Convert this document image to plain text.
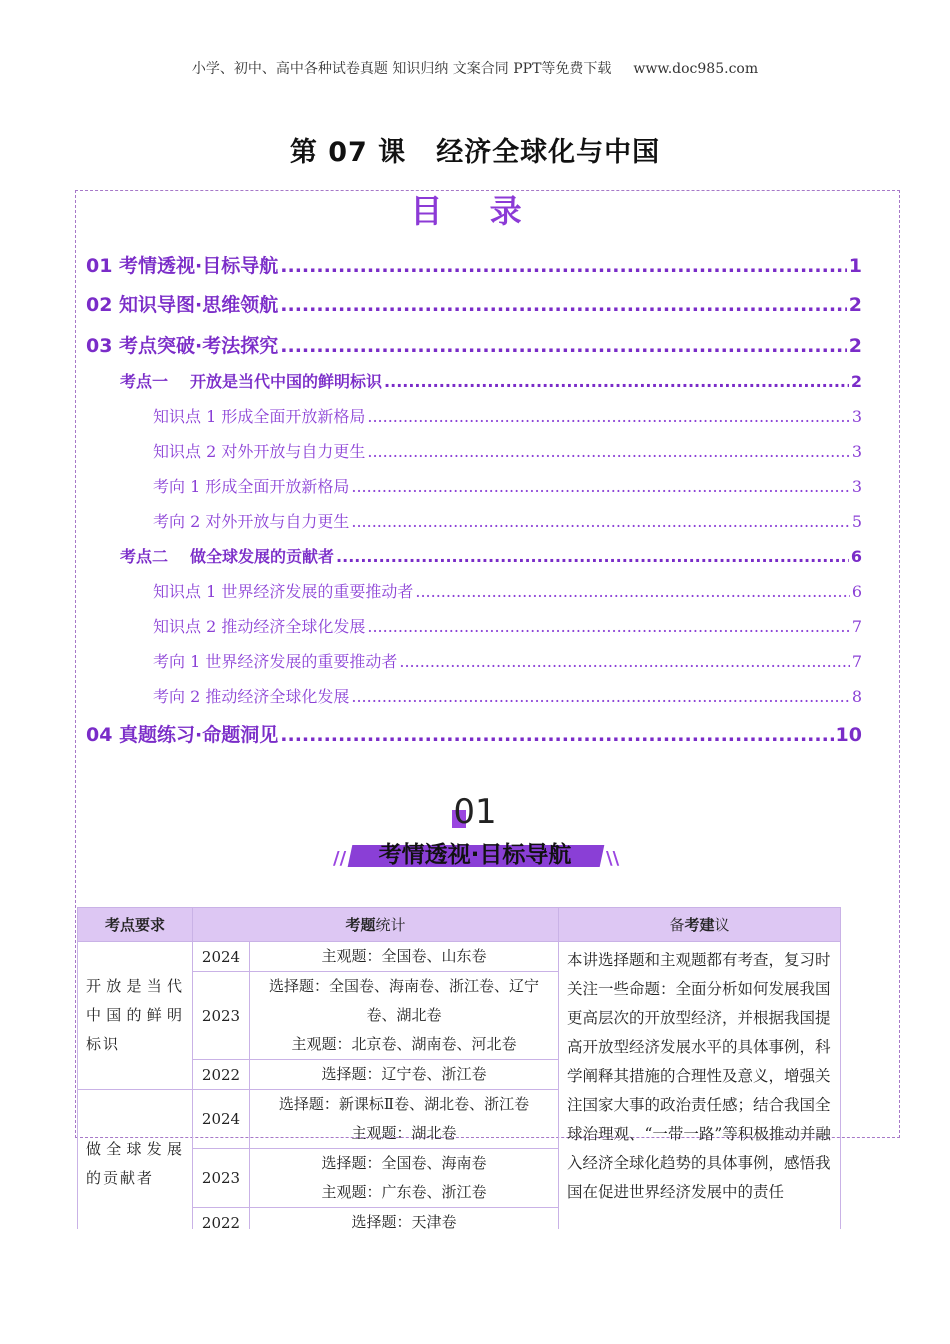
小学、初中、高中各种试卷真题 知识归纳 文案合同 PPT等免费下载 www.doc985.com
第 07 课 经济全球化与中国
目 录
01 考情透视·目标导航 .....	1
02 知识导图·思维领航 .....	2
03 考点突破·考法探究 .....	2
考点一 开放是当代中国的鲜明标识 .....	2
知识点 1 形成全面开放新格局 .....	3
知识点 2 对外开放与自力更生 .....	3
考向 1 形成全面开放新格局 .....	3
考向 2 对外开放与自力更生 .....	5
考点二 做全球发展的贡献者 .....	6
知识点 1 世界经济发展的重要推动者 .....	6
知识点 2 推动经济全球化发展 .....	7
考向 1 世界经济发展的重要推动者 .....	7
考向 2 推动经济全球化发展 .....	8
04 真题练习·命题洞见 .....	10
01
//	\\
考情透视·目标导航
考点要求	考题统计		备考建议
开放是当代中国的鲜明标识	2024	主观题：全国卷、山东卷	本讲选择题和主观题都有考查，复习时关注一些命题：全面分析如何发展我国更高层次的开放型经济，并根据我国提高开放型经济发展水平的具体事例，科学阐释其措施的合理性及意义，增强关注国家大事的政治责任感；结合我国全球治理观、“一带一路”等积极推动并融入经济全球化趋势的具体事例，感悟我国在促进世界经济发展中的责任
	2023	选择题：全国卷、海南卷、浙江卷、辽宁卷、湖北卷
主观题：北京卷、湖南卷、河北卷	

	2022	选择题：辽宁卷、浙江卷	

做全球发展的贡献者	2024	选择题：新课标Ⅱ卷、湖北卷、浙江卷
主观题：湖北卷	

	2023	选择题：全国卷、海南卷
主观题：广东卷、浙江卷	

	2022	选择题：天津卷	
